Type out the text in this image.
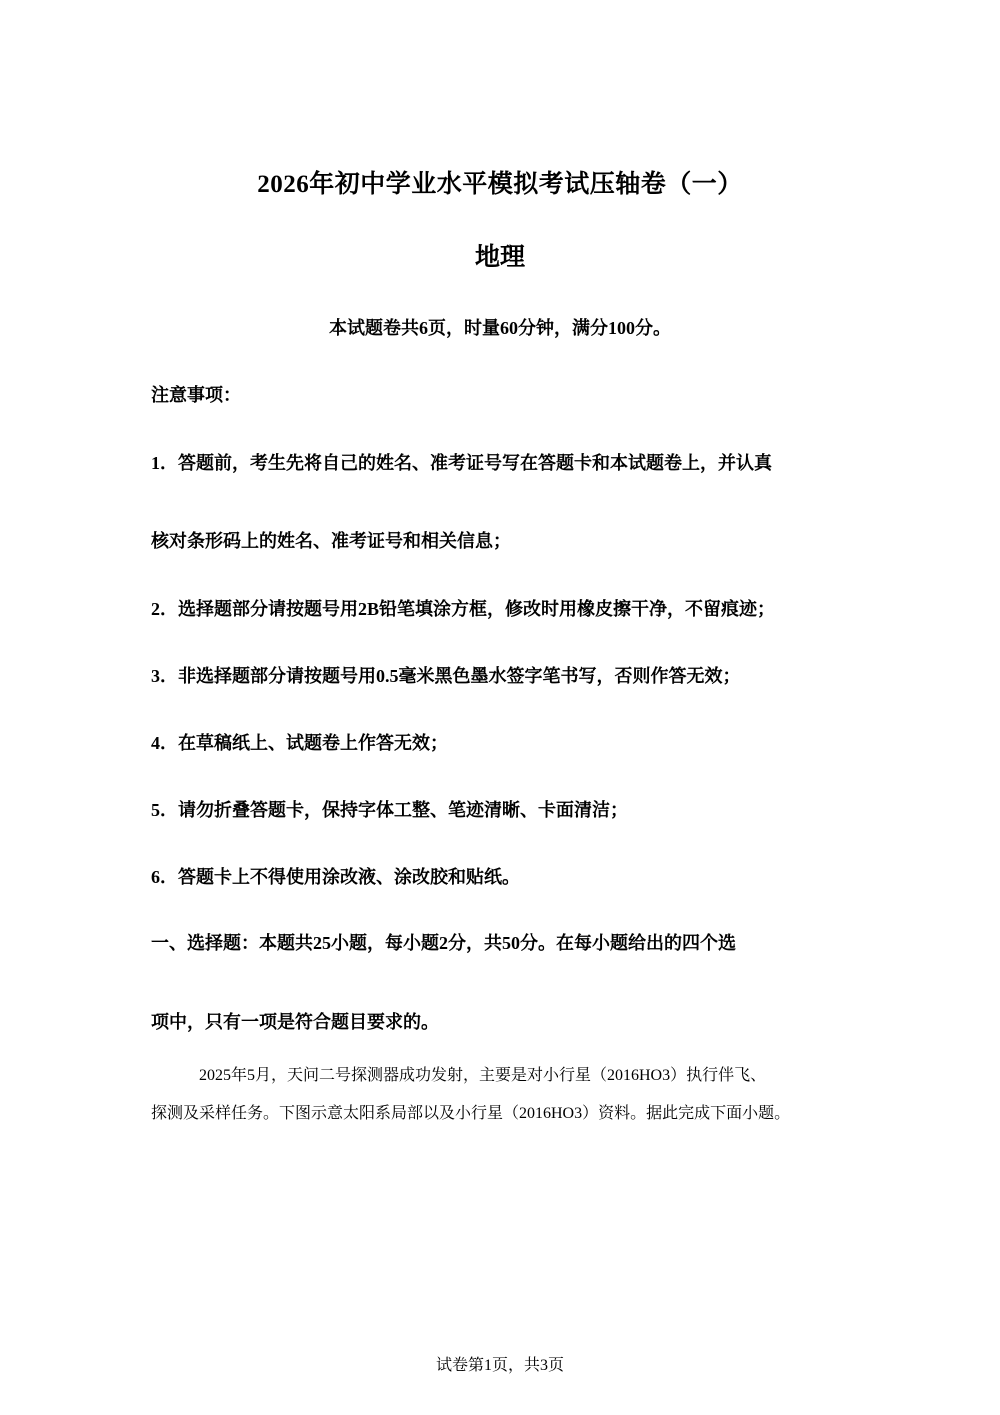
2026年初中学业水平模拟考试压轴卷（一）
地理
本试题卷共6页，时量60分钟，满分100分。
注意事项：
1．答题前，考生先将自己的姓名、准考证号写在答题卡和本试题卷上，并认真
核对条形码上的姓名、准考证号和相关信息；
2．选择题部分请按题号用2B铅笔填涂方框，修改时用橡皮擦干净，不留痕迹；
3．非选择题部分请按题号用0.5毫米黑色墨水签字笔书写，否则作答无效；
4．在草稿纸上、试题卷上作答无效；
5．请勿折叠答题卡，保持字体工整、笔迹清晰、卡面清洁；
6．答题卡上不得使用涂改液、涂改胶和贴纸。
一、选择题：本题共25小题，每小题2分，共50分。在每小题给出的四个选
项中，只有一项是符合题目要求的。
2025年5月，天问二号探测器成功发射，主要是对小行星（2016HO3）执行伴飞、
探测及采样任务。下图示意太阳系局部以及小行星（2016HO3）资料。据此完成下面小题。
试卷第1页，共3页
